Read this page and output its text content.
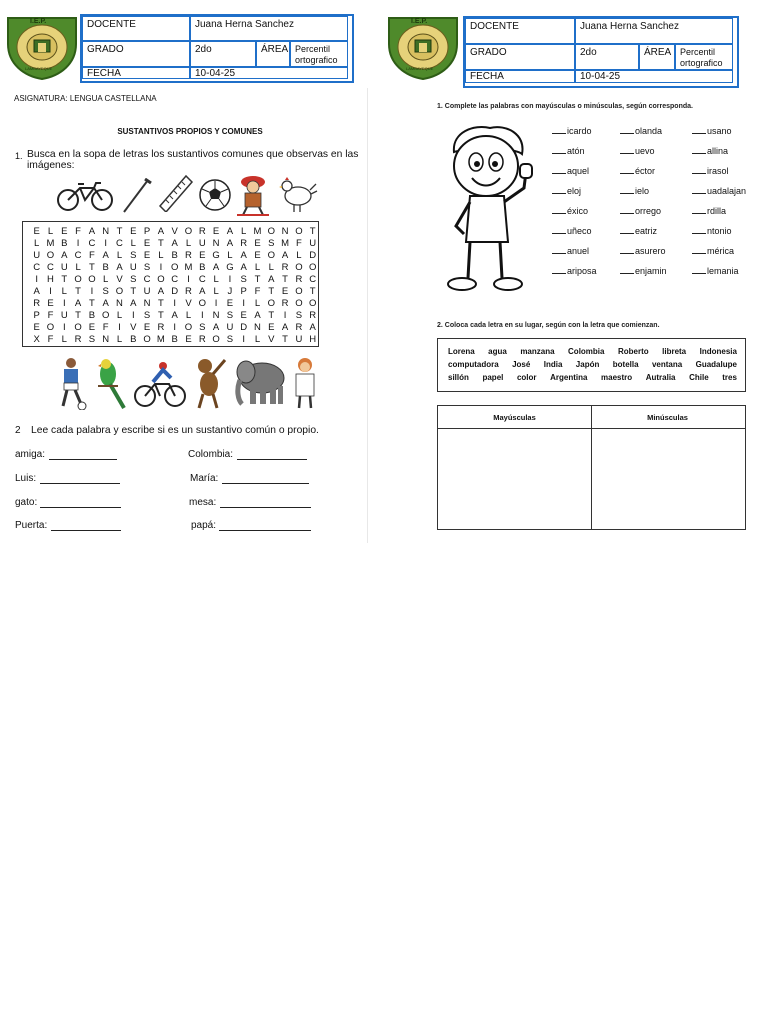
I.E.P.
LAMBAYEQUE
DOCENTE	Juana Herna Sanchez
GRADO	2do	ÁREA Percentil ortografico
FECHA	10-04-25
I.E.P.
LAMBAYEQUE
DOCENTE	Juana Herna Sanchez
GRADO	2do	ÁREA Percentil ortografico
FECHA	10-04-25
ASIGNATURA: LENGUA CASTELLANA
SUSTANTIVOS PROPIOS Y COMUNES
1. Busca en la sopa de letras los sustantivos comunes que observas en las
imágenes:
E L E F A N T E P A V O R E A L M O N O T
L M B I C I C L E T A L U N A R E S M F U
U O A C F A L S E L B R E G L A E O A L D
C C U L T B A U S I O M B A G A L L R O O
I H T O O L V S C O C I C L	I S T A T R C
A I	L T	I S O T U A D R A L J P F T E O T
R E I A T A N A N T	I V O I E I	L O R O O
P F U T B O L	I S T A L	I N S E A T	I S R
E O I O E F	I V E R I O S A U D N E A R A
X F L R S N L B O M B E R O S I	L V T U H
2 Lee cada palabra y escribe si es un sustantivo común o propio.
amiga:	Colombia:
Luis:	María:
gato:	mesa:
Puerta:	papá:
1. Complete las palabras con mayúsculas o minúsculas, según corresponda.
icardo
atón
aquel
eloj
éxico
uñeco
anuel
ariposa
olanda
uevo
éctor
ielo
orrego
eatriz
asurero
enjamin
usano
allina
irasol
uadalajan
rdilla
ntonio
mérica
lemania
2. Coloca cada letra en su lugar, según con la letra que comienzan.
Lorena agua manzana Colombia Roberto libreta Indonesia
computadora José India Japón botella ventana Guadalupe
sillón papel color Argentina maestro Autralia Chile tres
Mayúsculas	Minúsculas
